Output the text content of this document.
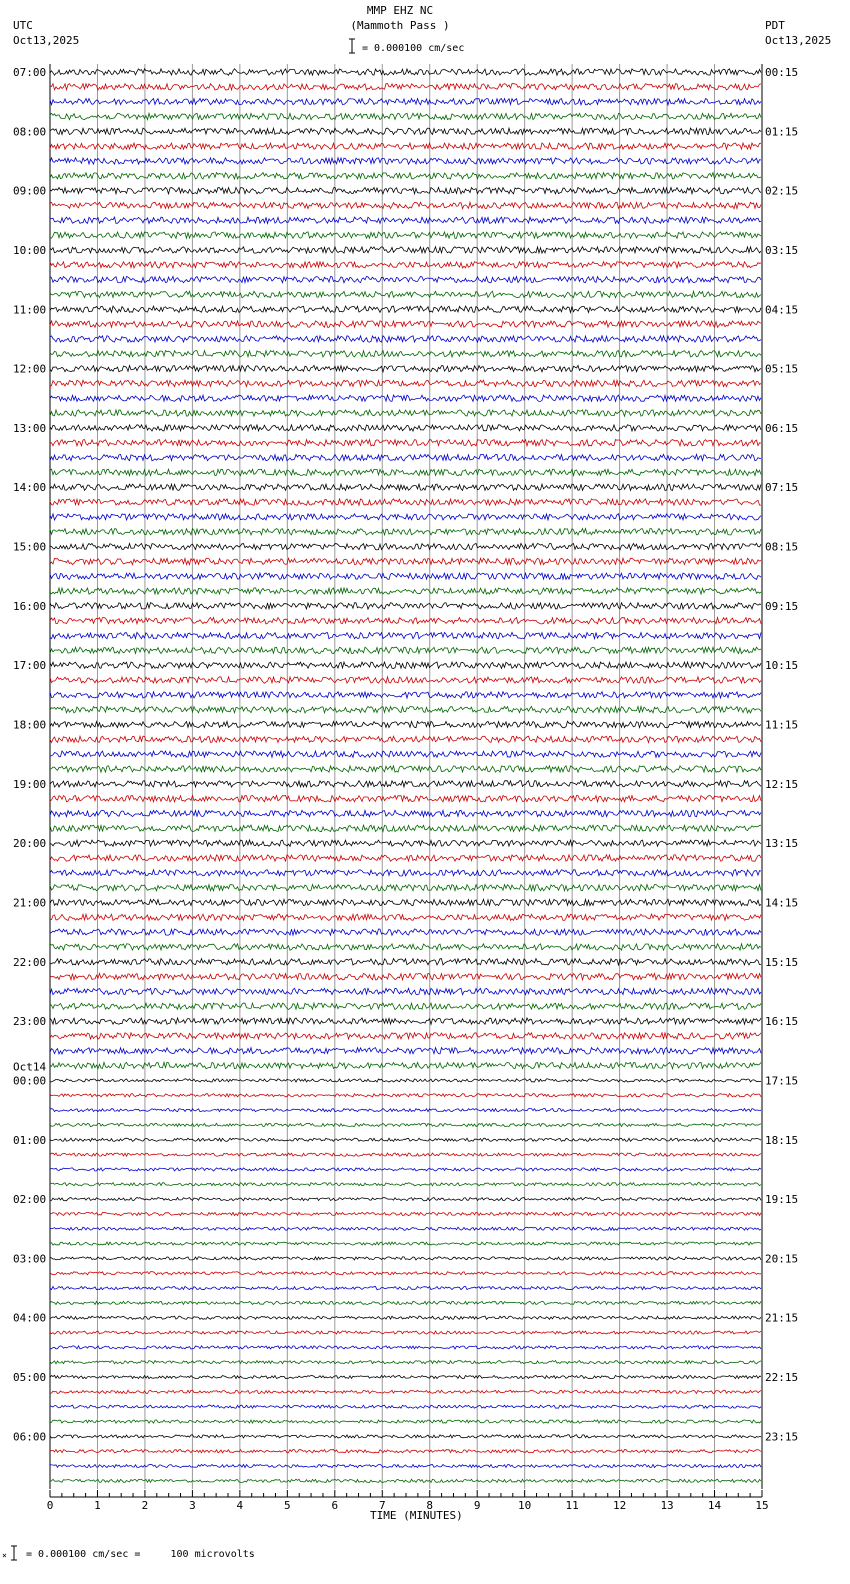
0	1	2	3	4	5	6	7	8	9	10	11	12	13	14	15
07:00	00:15
08:00	01:15
09:00	02:15
10:00	03:15
11:00	04:15
12:00	05:15
13:00	06:15
14:00	07:15
15:00	08:15
16:00	09:15
17:00	10:15
18:00	11:15
19:00	12:15
20:00	13:15
21:00	14:15
22:00	15:15
23:00	16:15
00:00	17:15
01:00	18:15
02:00	19:15
03:00	20:15
04:00	21:15
05:00	22:15
06:00	23:15
Oct14
MMP EHZ NC
(Mammoth Pass )
= 0.000100 cm/sec
UTC
Oct13,2025
PDT
Oct13,2025
TIME (MINUTES)
= 0.000100 cm/sec =     100 microvolts
×
